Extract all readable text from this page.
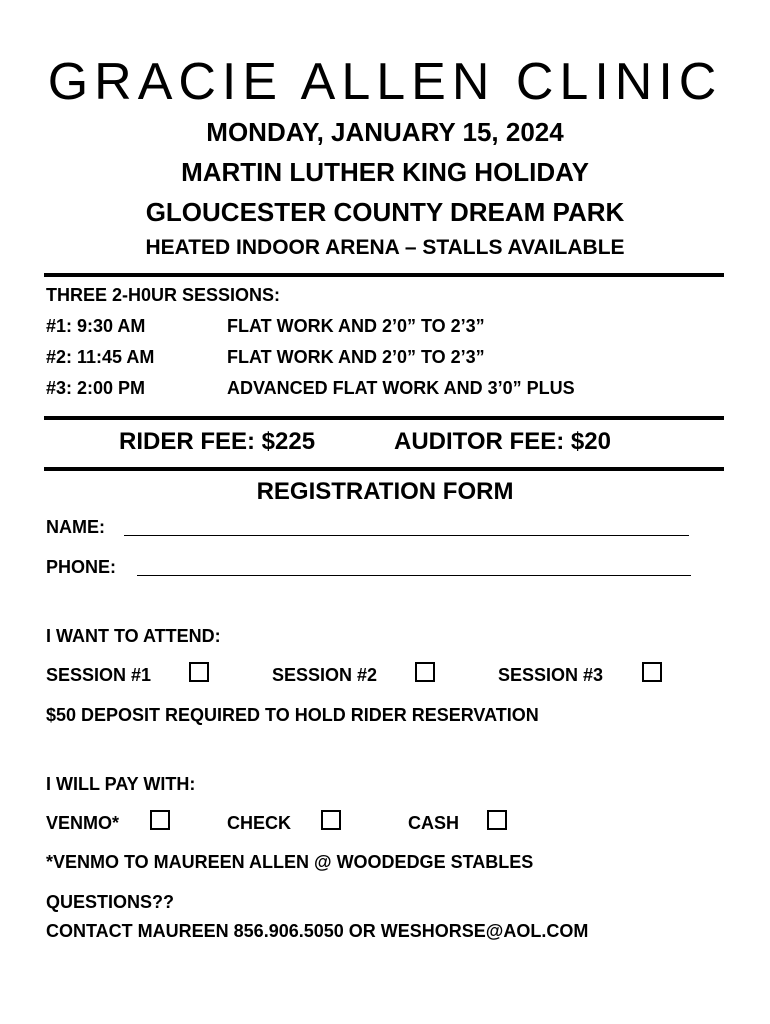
GRACIE ALLEN CLINIC
MONDAY, JANUARY 15, 2024
MARTIN LUTHER KING HOLIDAY
GLOUCESTER COUNTY DREAM PARK
HEATED INDOOR ARENA – STALLS AVAILABLE
THREE 2-H0UR SESSIONS:
#1: 9:30 AM	FLAT WORK AND 2’0” TO 2’3”
#2: 11:45 AM	FLAT WORK AND 2’0” TO 2’3”
#3: 2:00 PM	ADVANCED FLAT WORK AND 3’0” PLUS
RIDER FEE: $225	AUDITOR FEE: $20
REGISTRATION FORM
NAME:
PHONE:
I WANT TO ATTEND:
SESSION #1	SESSION #2	SESSION #3
$50 DEPOSIT REQUIRED TO HOLD RIDER RESERVATION
I WILL PAY WITH:
VENMO*	CHECK	CASH
*VENMO TO MAUREEN ALLEN @ WOODEDGE STABLES
QUESTIONS??
CONTACT MAUREEN 856.906.5050 OR WESHORSE@AOL.COM
